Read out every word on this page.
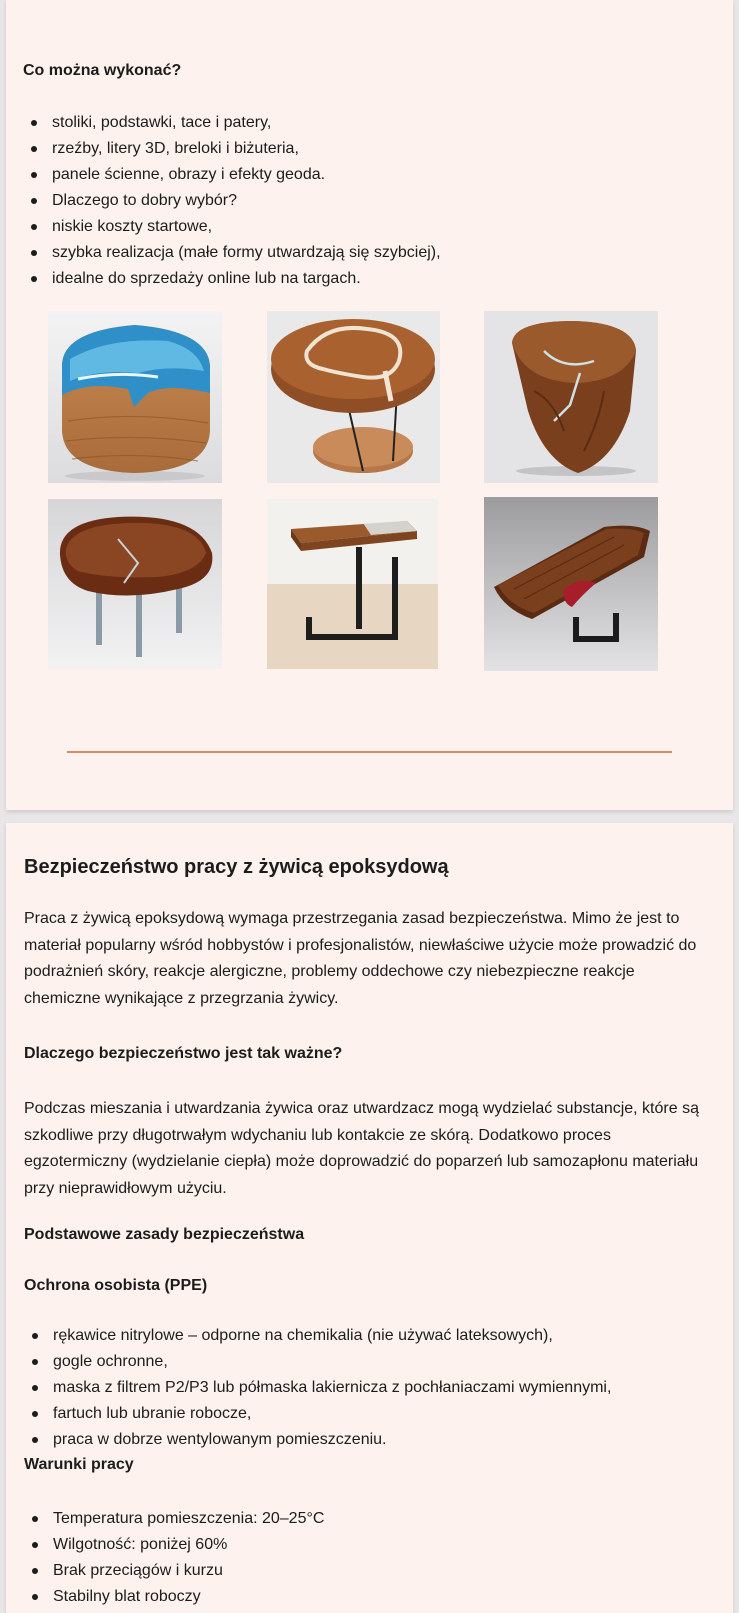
Co można wykonać?
stoliki, podstawki, tace i patery,
rzeźby, litery 3D, breloki i biżuteria,
panele ścienne, obrazy i efekty geoda.
Dlaczego to dobry wybór?
niskie koszty startowe,
szybka realizacja (małe formy utwardzają się szybciej),
idealne do sprzedaży online lub na targach.
Bezpieczeństwo pracy z żywicą epoksydową

Praca z żywicą epoksydową wymaga przestrzegania zasad bezpieczeństwa. Mimo że jest to materiał popularny wśród hobbystów i profesjonalistów, niewłaściwe użycie może prowadzić do podrażnień skóry, reakcje alergiczne, problemy oddechowe czy niebezpieczne reakcje chemiczne wynikające z przegrzania żywicy.

Dlaczego bezpieczeństwo jest tak ważne?

Podczas mieszania i utwardzania żywica oraz utwardzacz mogą wydzielać substancje, które są szkodliwe przy długotrwałym wdychaniu lub kontakcie ze skórą. Dodatkowo proces egzotermiczny (wydzielanie ciepła) może doprowadzić do poparzeń lub samozapłonu materiału przy nieprawidłowym użyciu.

Podstawowe zasady bezpieczeństwa
Ochrona osobista (PPE)
rękawice nitrylowe – odporne na chemikalia (nie używać lateksowych),
gogle ochronne,
maska z filtrem P2/P3 lub półmaska lakiernicza z pochłaniaczami wymiennymi,
fartuch lub ubranie robocze,
praca w dobrze wentylowanym pomieszczeniu.
Warunki pracy
Temperatura pomieszczenia: 20–25°C
Wilgotność: poniżej 60%
Brak przeciągów i kurzu
Stabilny blat roboczy
